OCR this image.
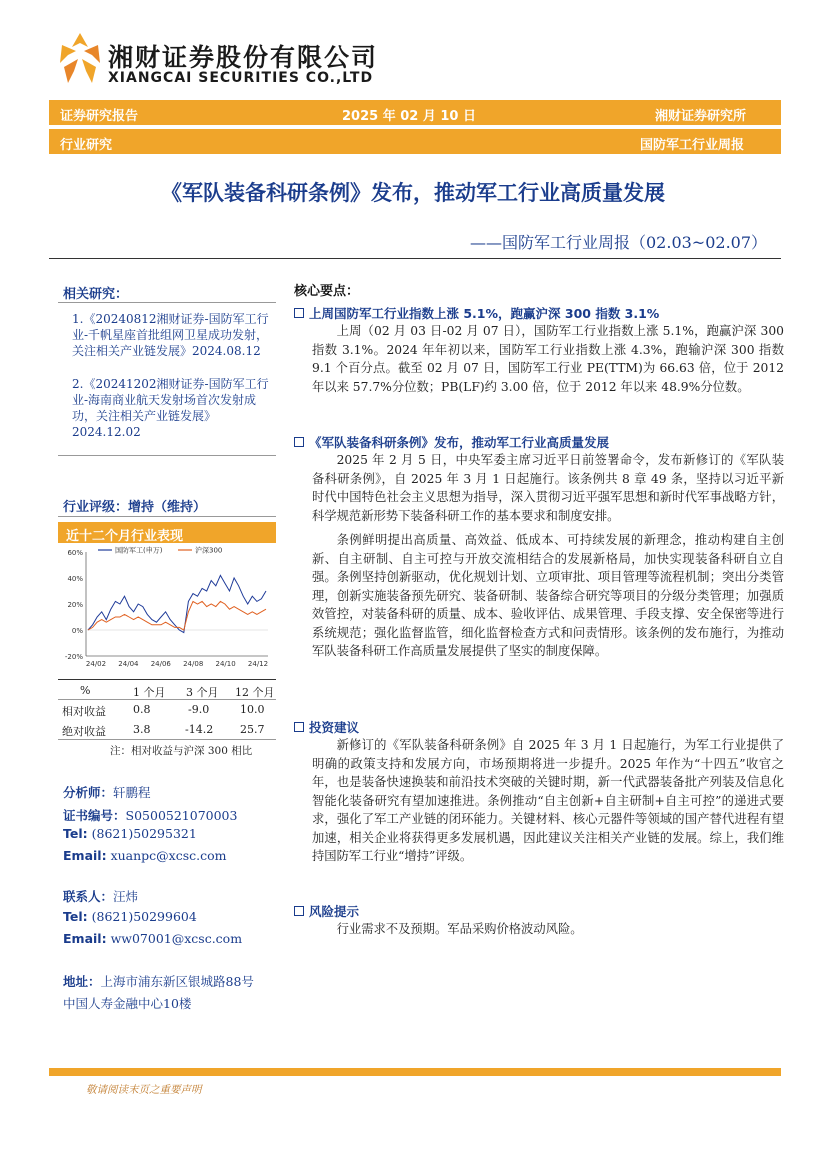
湘财证券股份有限公司
XIANGCAI SECURITIES CO.,LTD
证券研究报告	2025 年 02 月 10 日	湘财证券研究所
行业研究	国防军工行业周报
《军队装备科研条例》发布，推动军工行业高质量发展
——国防军工行业周报（02.03~02.07）
相关研究：
1.《20240812湘财证券-国防军工行业-千帆星座首批组网卫星成功发射，关注相关产业链发展》2024.08.12
2.《20241202湘财证券-国防军工行业-海南商业航天发射场首次发射成功，关注相关产业链发展》2024.12.02
行业评级：增持（维持）
近十二个月行业表现
60%
40%
20%
0%
-20%
24/02 24/04 24/06 24/08 24/10 24/12
国防军工(申万)	沪深300
%	1 个月 3 个月 12 个月
相对收益 0.8	-9.0	10.0
绝对收益 3.8	-14.2 25.7
注：相对收益与沪深 300 相比
分析师：轩鹏程
证书编号：S0500521070003
Tel: (8621)50295321
Email: xuanpc@xcsc.com
联系人：汪炜
Tel: (8621)50299604
Email: ww07001@xcsc.com
地址：上海市浦东新区银城路88号
中国人寿金融中心10楼
核心要点：
上周国防军工行业指数上涨 5.1%，跑赢沪深 300 指数 3.1%

上周（02 月 03 日-02 月 07 日），国防军工行业指数上涨 5.1%，跑赢沪深 300 指数 3.1%。2024 年年初以来，国防军工行业指数上涨 4.3%，跑输沪深 300 指数 9.1 个百分点。截至 02 月 07 日，国防军工行业 PE(TTM)为 66.63 倍，位于 2012 年以来 57.7%分位数；PB(LF)约 3.00 倍，位于 2012 年以来 48.9%分位数。

《军队装备科研条例》发布，推动军工行业高质量发展

2025 年 2 月 5 日，中央军委主席习近平日前签署命令，发布新修订的《军队装备科研条例》，自 2025 年 3 月 1 日起施行。该条例共 8 章 49 条，坚持以习近平新时代中国特色社会主义思想为指导，深入贯彻习近平强军思想和新时代军事战略方针，科学规范新形势下装备科研工作的基本要求和制度安排。

条例鲜明提出高质量、高效益、低成本、可持续发展的新理念，推动构建自主创新、自主研制、自主可控与开放交流相结合的发展新格局，加快实现装备科研自立自强。条例坚持创新驱动，优化规划计划、立项审批、项目管理等流程机制；突出分类管理，创新实施装备预先研究、装备研制、装备综合研究等项目的分级分类管理；加强质效管控，对装备科研的质量、成本、验收评估、成果管理、手段支撑、安全保密等进行系统规范；强化监督监管，细化监督检查方式和问责情形。该条例的发布施行，为推动军队装备科研工作高质量发展提供了坚实的制度保障。

投资建议

新修订的《军队装备科研条例》自 2025 年 3 月 1 日起施行，为军工行业提供了明确的政策支持和发展方向，市场预期将进一步提升。2025 年作为“十四五”收官之年，也是装备快速换装和前沿技术突破的关键时期，新一代武器装备批产列装及信息化智能化装备研究有望加速推进。条例推动“自主创新+自主研制+自主可控”的递进式要求，强化了军工产业链的闭环能力。关键材料、核心元器件等领域的国产替代进程有望加速，相关企业将获得更多发展机遇，因此建议关注相关产业链的发展。综上，我们维持国防军工行业“增持”评级。

风险提示

行业需求不及预期。军品采购价格波动风险。

敬请阅读末页之重要声明
